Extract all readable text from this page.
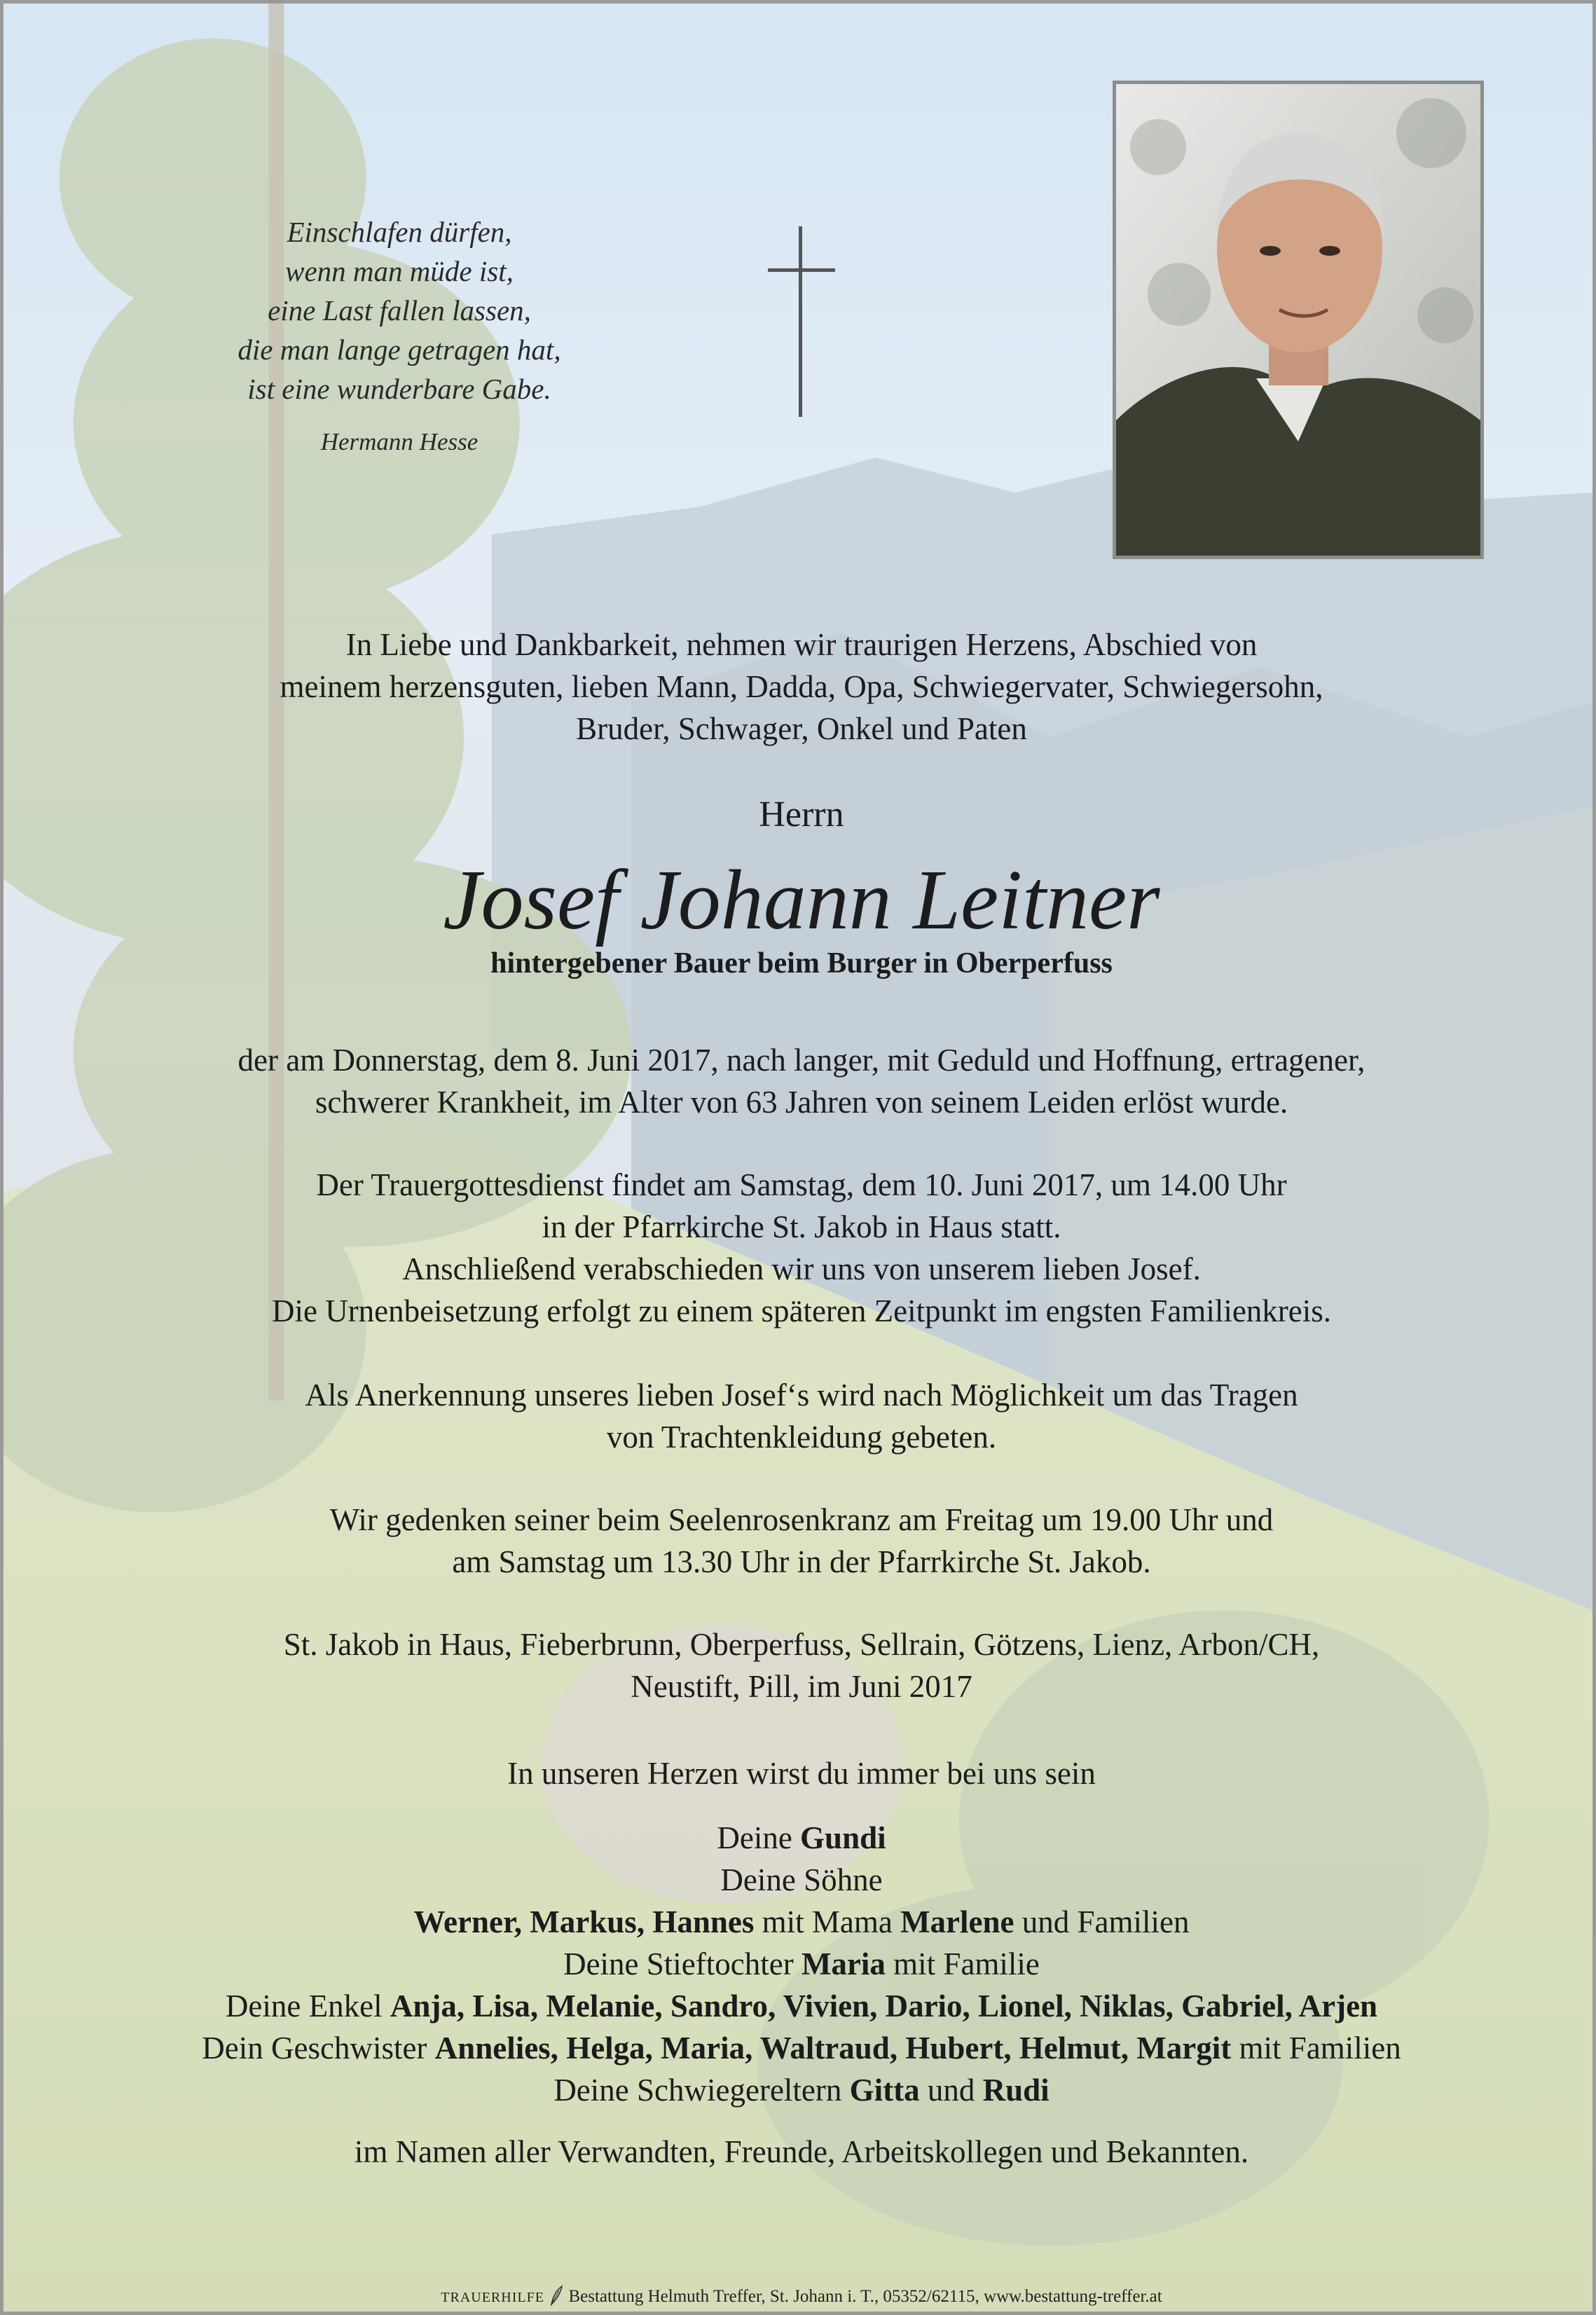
Einschlafen dürfen,
wenn man müde ist,
eine Last fallen lassen,
die man lange getragen hat,
ist eine wunderbare Gabe.
Hermann Hesse
In Liebe und Dankbarkeit, nehmen wir traurigen Herzens, Abschied von
meinem herzensguten, lieben Mann, Dadda, Opa, Schwiegervater, Schwiegersohn,
Bruder, Schwager, Onkel und Paten
Herrn
Josef Johann Leitner
hintergebener Bauer beim Burger in Oberperfuss
der am Donnerstag, dem 8. Juni 2017, nach langer, mit Geduld und Hoffnung, ertragener,
schwerer Krankheit, im Alter von 63 Jahren von seinem Leiden erlöst wurde.
Der Trauergottesdienst findet am Samstag, dem 10. Juni 2017, um 14.00 Uhr
in der Pfarrkirche St. Jakob in Haus statt.
Anschließend verabschieden wir uns von unserem lieben Josef.
Die Urnenbeisetzung erfolgt zu einem späteren Zeitpunkt im engsten Familienkreis.
Als Anerkennung unseres lieben Josef‘s wird nach Möglichkeit um das Tragen
von Trachtenkleidung gebeten.
Wir gedenken seiner beim Seelenrosenkranz am Freitag um 19.00 Uhr und
am Samstag um 13.30 Uhr in der Pfarrkirche St. Jakob.
St. Jakob in Haus, Fieberbrunn, Oberperfuss, Sellrain, Götzens, Lienz, Arbon/CH,
Neustift, Pill, im Juni 2017
In unseren Herzen wirst du immer bei uns sein
Deine Gundi
Deine Söhne
Werner, Markus, Hannes mit Mama Marlene und Familien
Deine Stieftochter Maria mit Familie
Deine Enkel Anja, Lisa, Melanie, Sandro, Vivien, Dario, Lionel, Niklas, Gabriel, Arjen
Dein Geschwister Annelies, Helga, Maria, Waltraud, Hubert, Helmut, Margit mit Familien
Deine Schwiegereltern Gitta und Rudi
im Namen aller Verwandten, Freunde, Arbeitskollegen und Bekannten.
TRAUERHILFE Bestattung Helmuth Treffer, St. Johann i. T., 05352/62115, www.bestattung-treffer.at
